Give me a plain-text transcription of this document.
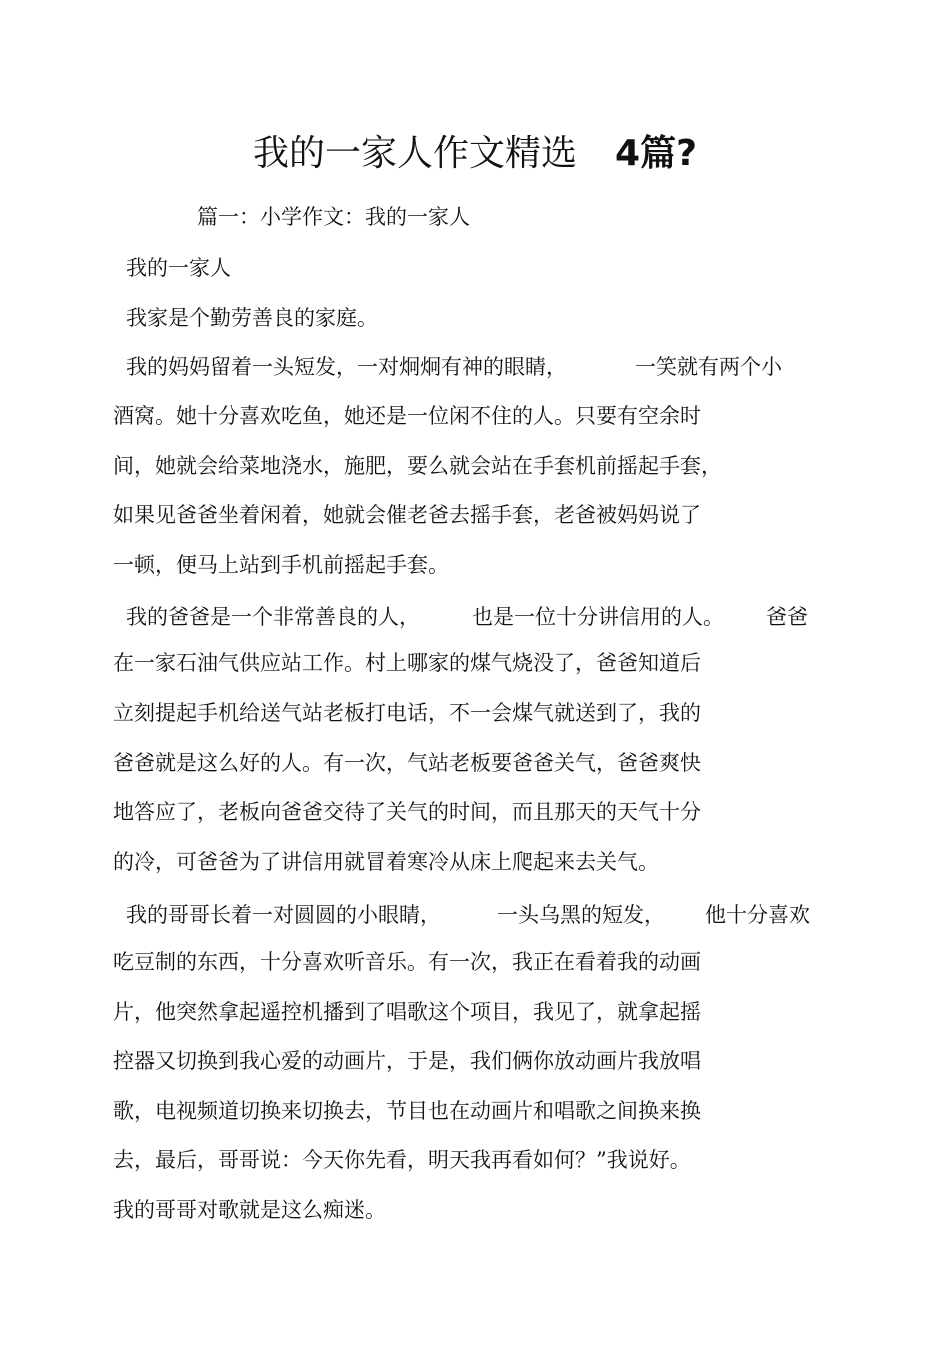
我的一家人作文精选 4篇?
篇一：小学作文：我的一家人
我的一家人
我家是个勤劳善良的家庭。
我的妈妈留着一头短发，一对炯炯有神的眼睛，	一笑就有两个小
酒窝。她十分喜欢吃鱼，她还是一位闲不住的人。只要有空余时
间，她就会给菜地浇水，施肥，要么就会站在手套机前摇起手套，
如果见爸爸坐着闲着，她就会催老爸去摇手套，老爸被妈妈说了
一顿，便马上站到手机前摇起手套。
我的爸爸是一个非常善良的人， 也是一位十分讲信用的人。 爸爸
在一家石油气供应站工作。村上哪家的煤气烧没了，爸爸知道后
立刻提起手机给送气站老板打电话，不一会煤气就送到了，我的
爸爸就是这么好的人。有一次，气站老板要爸爸关气，爸爸爽快
地答应了，老板向爸爸交待了关气的时间，而且那天的天气十分
的冷，可爸爸为了讲信用就冒着寒冷从床上爬起来去关气。
我的哥哥长着一对圆圆的小眼睛，	一头乌黑的短发， 他十分喜欢
吃豆制的东西，十分喜欢听音乐。有一次，我正在看着我的动画
片，他突然拿起遥控机播到了唱歌这个项目，我见了，就拿起摇
控器又切换到我心爱的动画片，于是，我们俩你放动画片我放唱
歌，电视频道切换来切换去，节目也在动画片和唱歌之间换来换
去，最后，哥哥说：今天你先看，明天我再看如何？”我说好。
我的哥哥对歌就是这么痴迷。
